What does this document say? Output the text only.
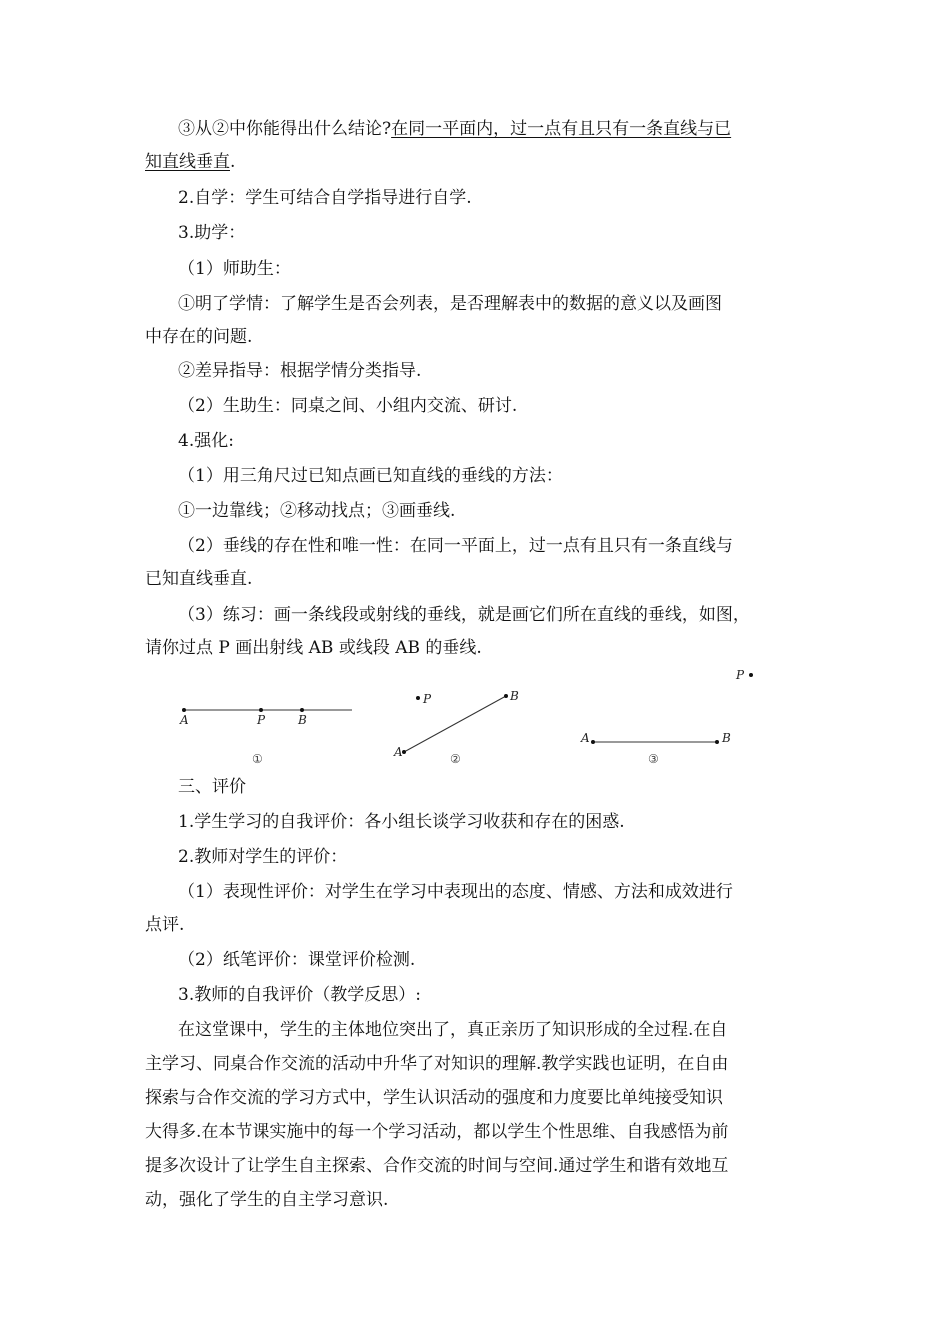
③从②中你能得出什么结论?在同一平面内，过一点有且只有一条直线与已
知直线垂直.
2.自学：学生可结合自学指导进行自学.
3.助学：
（1）师助生：
①明了学情：了解学生是否会列表，是否理解表中的数据的意义以及画图
中存在的问题.
②差异指导：根据学情分类指导.
（2）生助生：同桌之间、小组内交流、研讨.
4.强化:
（1）用三角尺过已知点画已知直线的垂线的方法：
①一边靠线；②移动找点；③画垂线.
（2）垂线的存在性和唯一性：在同一平面上，过一点有且只有一条直线与
已知直线垂直.
（3）练习：画一条线段或射线的垂线，就是画它们所在直线的垂线，如图，
请你过点 P 画出射线 AB 或线段 AB 的垂线.
A	P	B
①
P
A
B
②
P
A	B
③
三、评价
1.学生学习的自我评价：各小组长谈学习收获和存在的困惑.
2.教师对学生的评价：
（1）表现性评价：对学生在学习中表现出的态度、情感、方法和成效进行
点评.
（2）纸笔评价：课堂评价检测.
3.教师的自我评价（教学反思）:
在这堂课中，学生的主体地位突出了，真正亲历了知识形成的全过程.在自
主学习、同桌合作交流的活动中升华了对知识的理解.教学实践也证明，在自由
探索与合作交流的学习方式中，学生认识活动的强度和力度要比单纯接受知识
大得多.在本节课实施中的每一个学习活动，都以学生个性思维、自我感悟为前
提多次设计了让学生自主探索、合作交流的时间与空间.通过学生和谐有效地互
动，强化了学生的自主学习意识.
